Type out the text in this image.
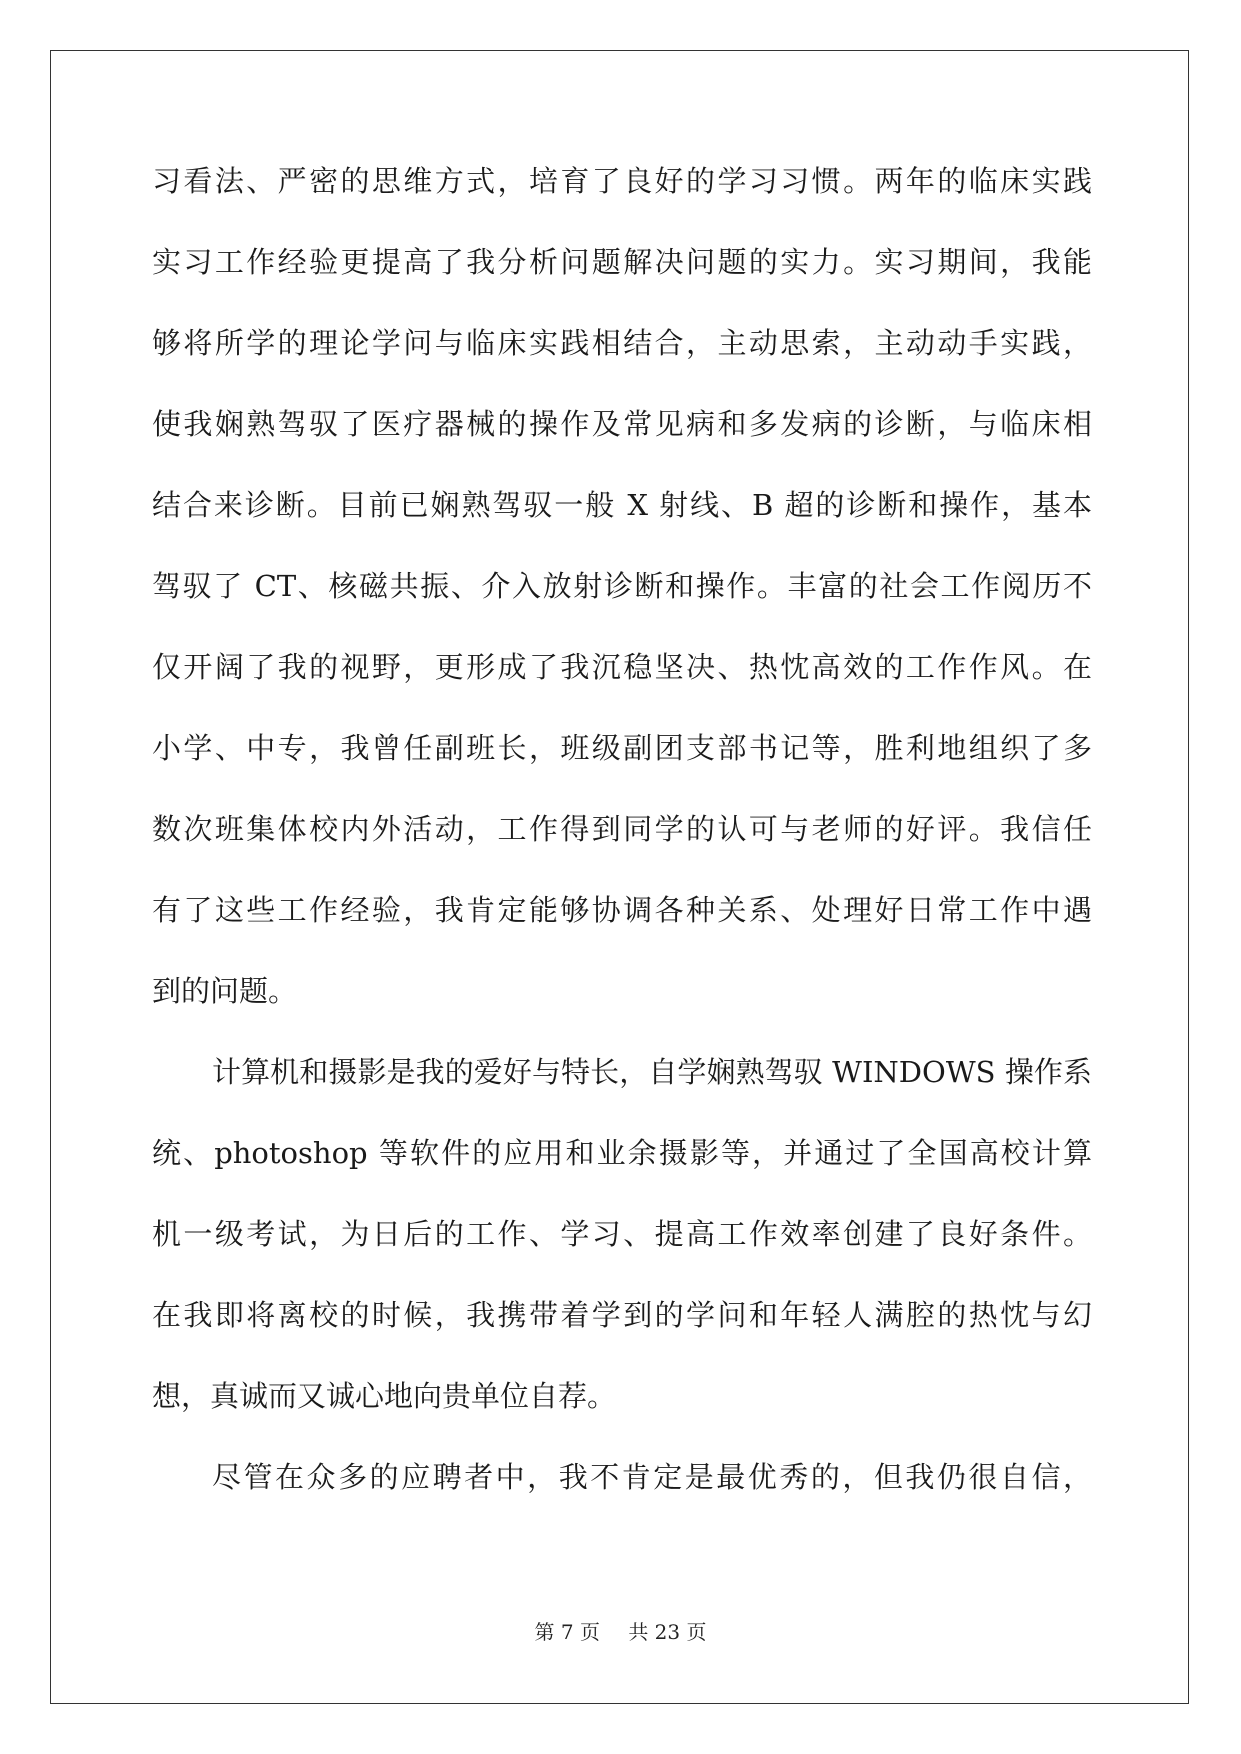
习看法、严密的思维方式，培育了良好的学习习惯。两年的临床实践
实习工作经验更提高了我分析问题解决问题的实力。实习期间，我能
够将所学的理论学问与临床实践相结合，主动思索，主动动手实践，
使我娴熟驾驭了医疗器械的操作及常见病和多发病的诊断，与临床相
结合来诊断。目前已娴熟驾驭一般 X 射线、B 超的诊断和操作，基本
驾驭了 CT、核磁共振、介入放射诊断和操作。丰富的社会工作阅历不
仅开阔了我的视野，更形成了我沉稳坚决、热忱高效的工作作风。在
小学、中专，我曾任副班长，班级副团支部书记等，胜利地组织了多
数次班集体校内外活动，工作得到同学的认可与老师的好评。我信任
有了这些工作经验，我肯定能够协调各种关系、处理好日常工作中遇
到的问题。
计算机和摄影是我的爱好与特长，自学娴熟驾驭 WINDOWS 操作系
统、photoshop 等软件的应用和业余摄影等，并通过了全国高校计算
机一级考试，为日后的工作、学习、提高工作效率创建了良好条件。
在我即将离校的时候，我携带着学到的学问和年轻人满腔的热忱与幻
想，真诚而又诚心地向贵单位自荐。
尽管在众多的应聘者中，我不肯定是最优秀的，但我仍很自信，
第 7 页 共 23 页
